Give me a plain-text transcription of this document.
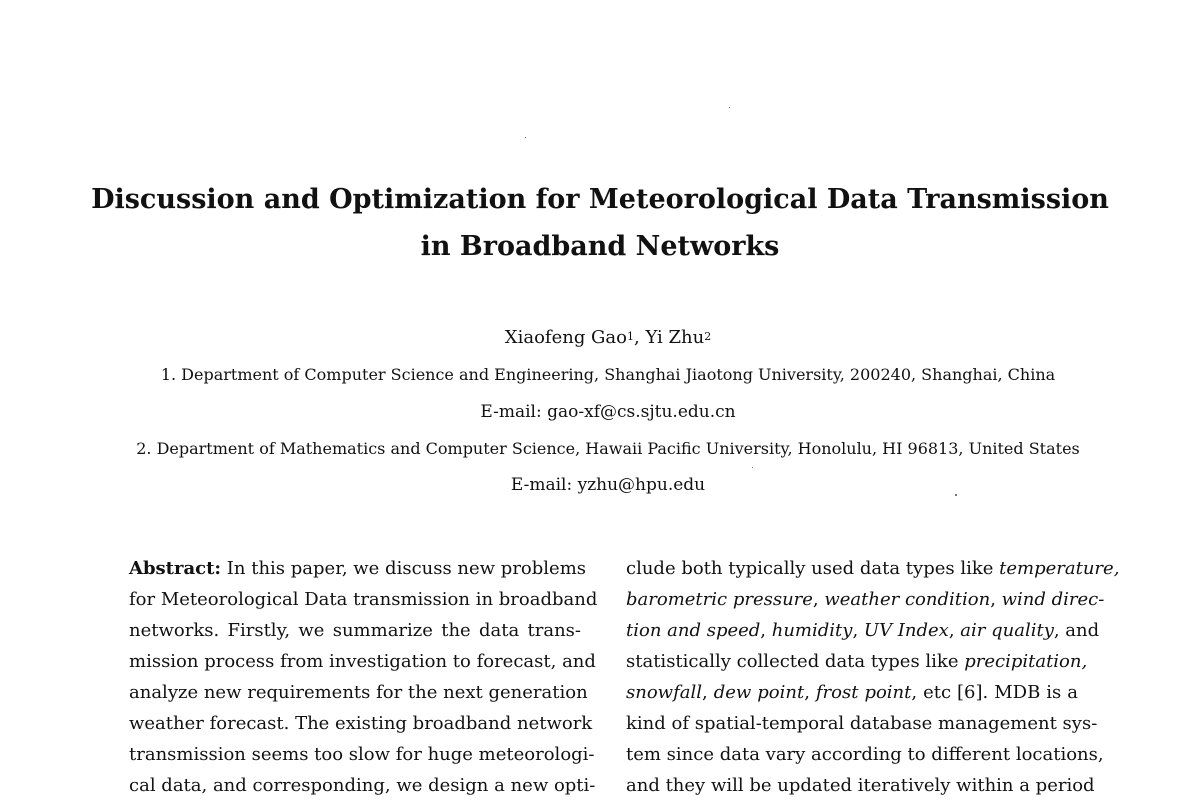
Discussion and Optimization for Meteorological Data Transmission
in Broadband Networks
Xiaofeng Gao$^1$, Yi Zhu$^2$
1. Department of Computer Science and Engineering, Shanghai Jiaotong University, 200240, Shanghai, China
E-mail: gao-xf@cs.sjtu.edu.cn
2. Department of Mathematics and Computer Science, Hawaii Pacific University, Honolulu, HI 96813, United States
E-mail: yzhu@hpu.edu
Abstract: In this paper, we discuss new problems
for Meteorological Data transmission in broadband
networks. Firstly, we summarize the data trans-
mission process from investigation to forecast, and
analyze new requirements for the next generation
weather forecast. The existing broadband network
transmission seems too slow for huge meteorologi-
cal data, and corresponding, we design a new opti-
clude both typically used data types like temperature,
barometric pressure, weather condition, wind direc-
tion and speed, humidity, UV Index, air quality, and
statistically collected data types like precipitation,
snowfall, dew point, frost point, etc [6]. MDB is a
kind of spatial-temporal database management sys-
tem since data vary according to different locations,
and they will be updated iteratively within a period
